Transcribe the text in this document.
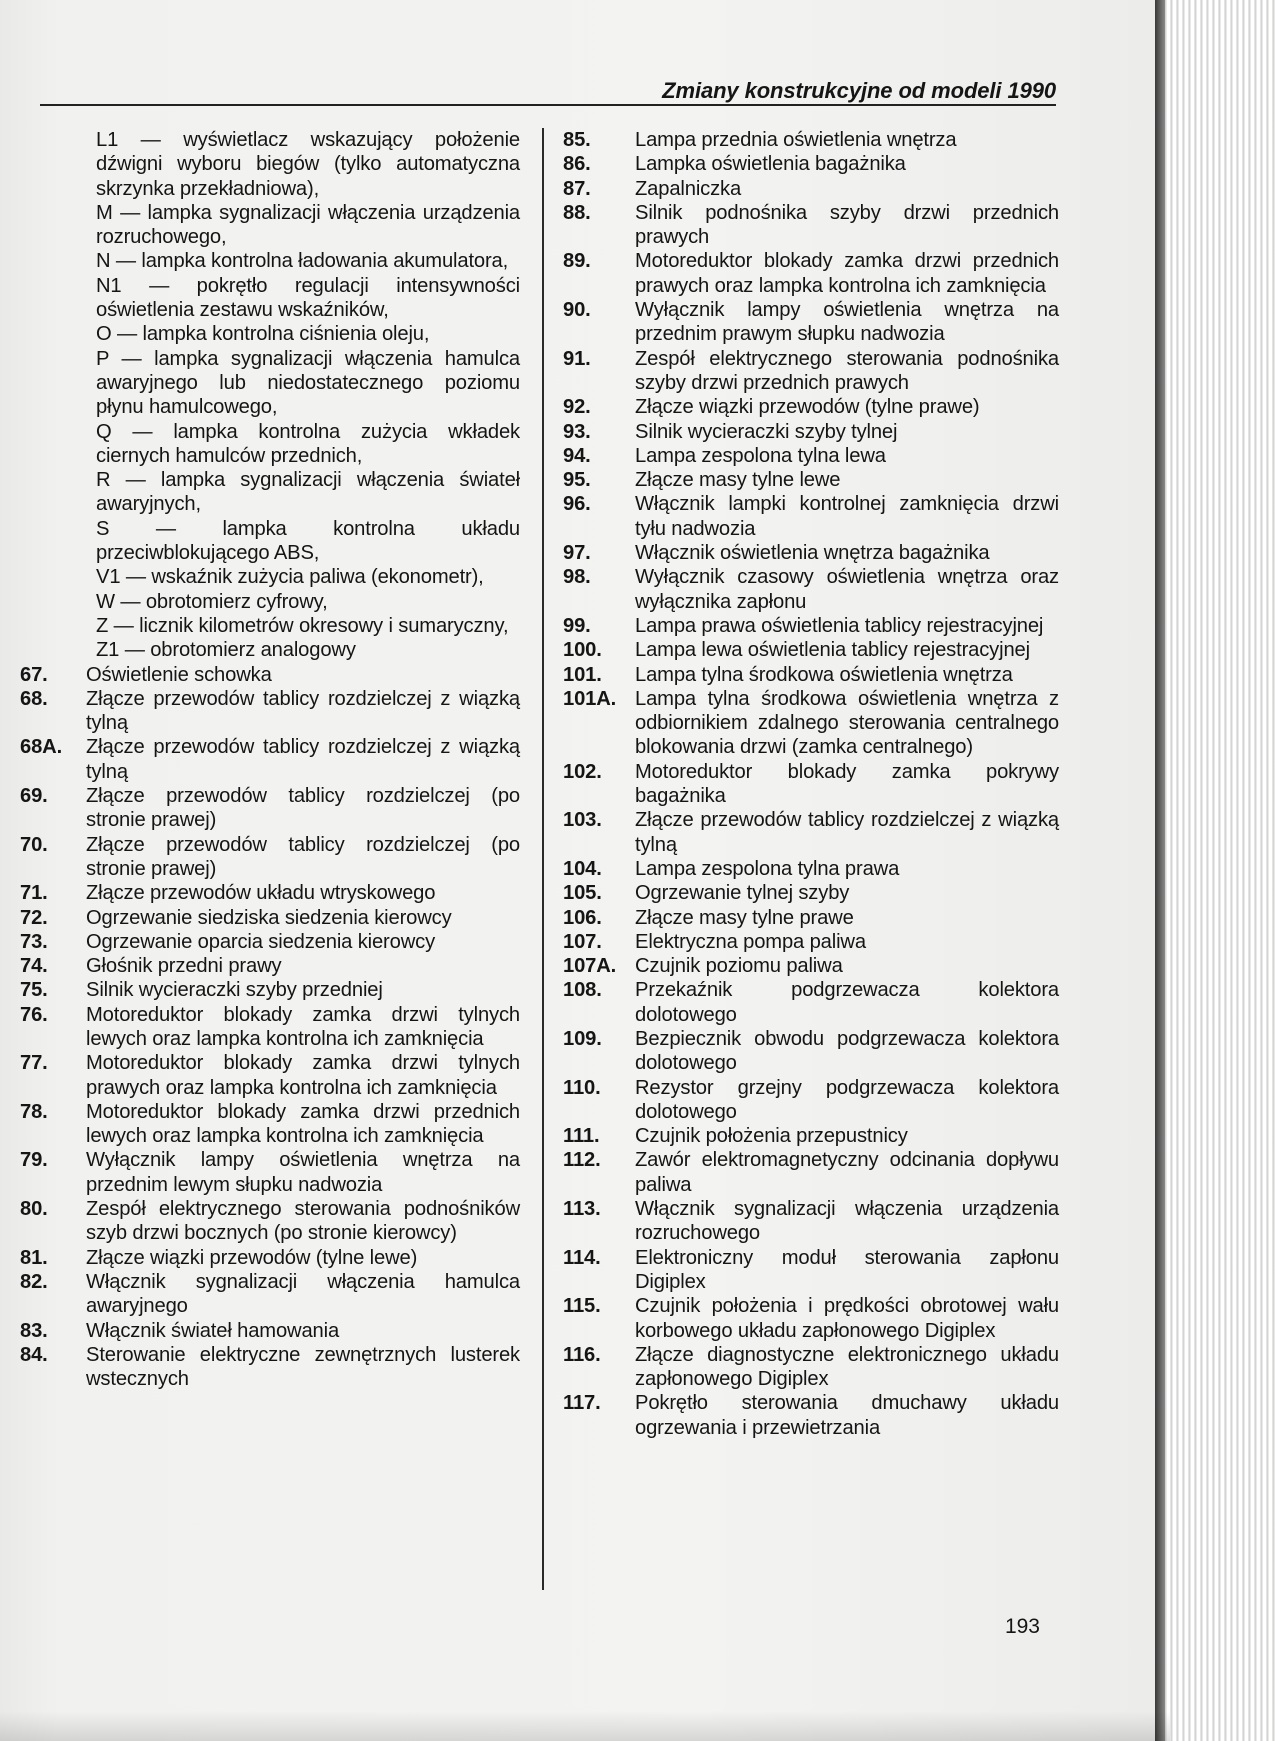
Zmiany konstrukcyjne od modeli 1990
L1 — wyświetlacz wskazujący położenie dźwigni wyboru biegów (tylko automatyczna skrzynka przekładniowa),
M — lampka sygnalizacji włączenia urządzenia rozruchowego,
N — lampka kontrolna ładowania akumulatora,
N1 — pokrętło regulacji intensywności oświetlenia zestawu wskaźników,
O — lampka kontrolna ciśnienia oleju,
P — lampka sygnalizacji włączenia hamulca awaryjnego lub niedostatecznego poziomu płynu hamulcowego,
Q — lampka kontrolna zużycia wkładek ciernych hamulców przednich,
R — lampka sygnalizacji włączenia świateł awaryjnych,
S — lampka kontrolna układu przeciwblokującego ABS,
V1 — wskaźnik zużycia paliwa (ekonometr),
W — obrotomierz cyfrowy,
Z — licznik kilometrów okresowy i sumaryczny,
Z1 — obrotomierz analogowy
67.	Oświetlenie schowka
68.	Złącze przewodów tablicy rozdzielczej z wiązką tylną
68A.	Złącze przewodów tablicy rozdzielczej z wiązką tylną
69.	Złącze przewodów tablicy rozdzielczej (po stronie prawej)
70.	Złącze przewodów tablicy rozdzielczej (po stronie prawej)
71.	Złącze przewodów układu wtryskowego
72.	Ogrzewanie siedziska siedzenia kierowcy
73.	Ogrzewanie oparcia siedzenia kierowcy
74.	Głośnik przedni prawy
75.	Silnik wycieraczki szyby przedniej
76.	Motoreduktor blokady zamka drzwi tylnych lewych oraz lampka kontrolna ich zamknięcia
77.	Motoreduktor blokady zamka drzwi tylnych prawych oraz lampka kontrolna ich zamknięcia
78.	Motoreduktor blokady zamka drzwi przednich lewych oraz lampka kontrolna ich zamknięcia
79.	Wyłącznik lampy oświetlenia wnętrza na przednim lewym słupku nadwozia
80.	Zespół elektrycznego sterowania podnośników szyb drzwi bocznych (po stronie kierowcy)
81.	Złącze wiązki przewodów (tylne lewe)
82.	Włącznik sygnalizacji włączenia hamulca awaryjnego
83.	Włącznik świateł hamowania
84.	Sterowanie elektryczne zewnętrznych lusterek wstecznych
85.	Lampa przednia oświetlenia wnętrza
86.	Lampka oświetlenia bagażnika
87.	Zapalniczka
88.	Silnik podnośnika szyby drzwi przednich prawych
89.	Motoreduktor blokady zamka drzwi przednich prawych oraz lampka kontrolna ich zamknięcia
90.	Wyłącznik lampy oświetlenia wnętrza na przednim prawym słupku nadwozia
91.	Zespół elektrycznego sterowania podnośnika szyby drzwi przednich prawych
92.	Złącze wiązki przewodów (tylne prawe)
93.	Silnik wycieraczki szyby tylnej
94.	Lampa zespolona tylna lewa
95.	Złącze masy tylne lewe
96.	Włącznik lampki kontrolnej zamknięcia drzwi tyłu nadwozia
97.	Włącznik oświetlenia wnętrza bagażnika
98.	Wyłącznik czasowy oświetlenia wnętrza oraz wyłącznika zapłonu
99.	Lampa prawa oświetlenia tablicy rejestracyjnej
100.	Lampa lewa oświetlenia tablicy rejestracyjnej
101.	Lampa tylna środkowa oświetlenia wnętrza
101A. Lampa tylna środkowa oświetlenia wnętrza z odbiornikiem zdalnego sterowania centralnego blokowania drzwi (zamka centralnego)
102.	Motoreduktor blokady zamka pokrywy bagażnika
103.	Złącze przewodów tablicy rozdzielczej z wiązką tylną
104.	Lampa zespolona tylna prawa
105.	Ogrzewanie tylnej szyby
106.	Złącze masy tylne prawe
107.	Elektryczna pompa paliwa
107A. Czujnik poziomu paliwa
108.	Przekaźnik podgrzewacza kolektora dolotowego
109.	Bezpiecznik obwodu podgrzewacza kolektora dolotowego
110.	Rezystor grzejny podgrzewacza kolektora dolotowego
111.	Czujnik położenia przepustnicy
112.	Zawór elektromagnetyczny odcinania dopływu paliwa
113.	Włącznik sygnalizacji włączenia urządzenia rozruchowego
114.	Elektroniczny moduł sterowania zapłonu Digiplex
115.	Czujnik położenia i prędkości obrotowej wału korbowego układu zapłonowego Digiplex
116.	Złącze diagnostyczne elektronicznego układu zapłonowego Digiplex
117.	Pokrętło sterowania dmuchawy układu ogrzewania i przewietrzania
193
